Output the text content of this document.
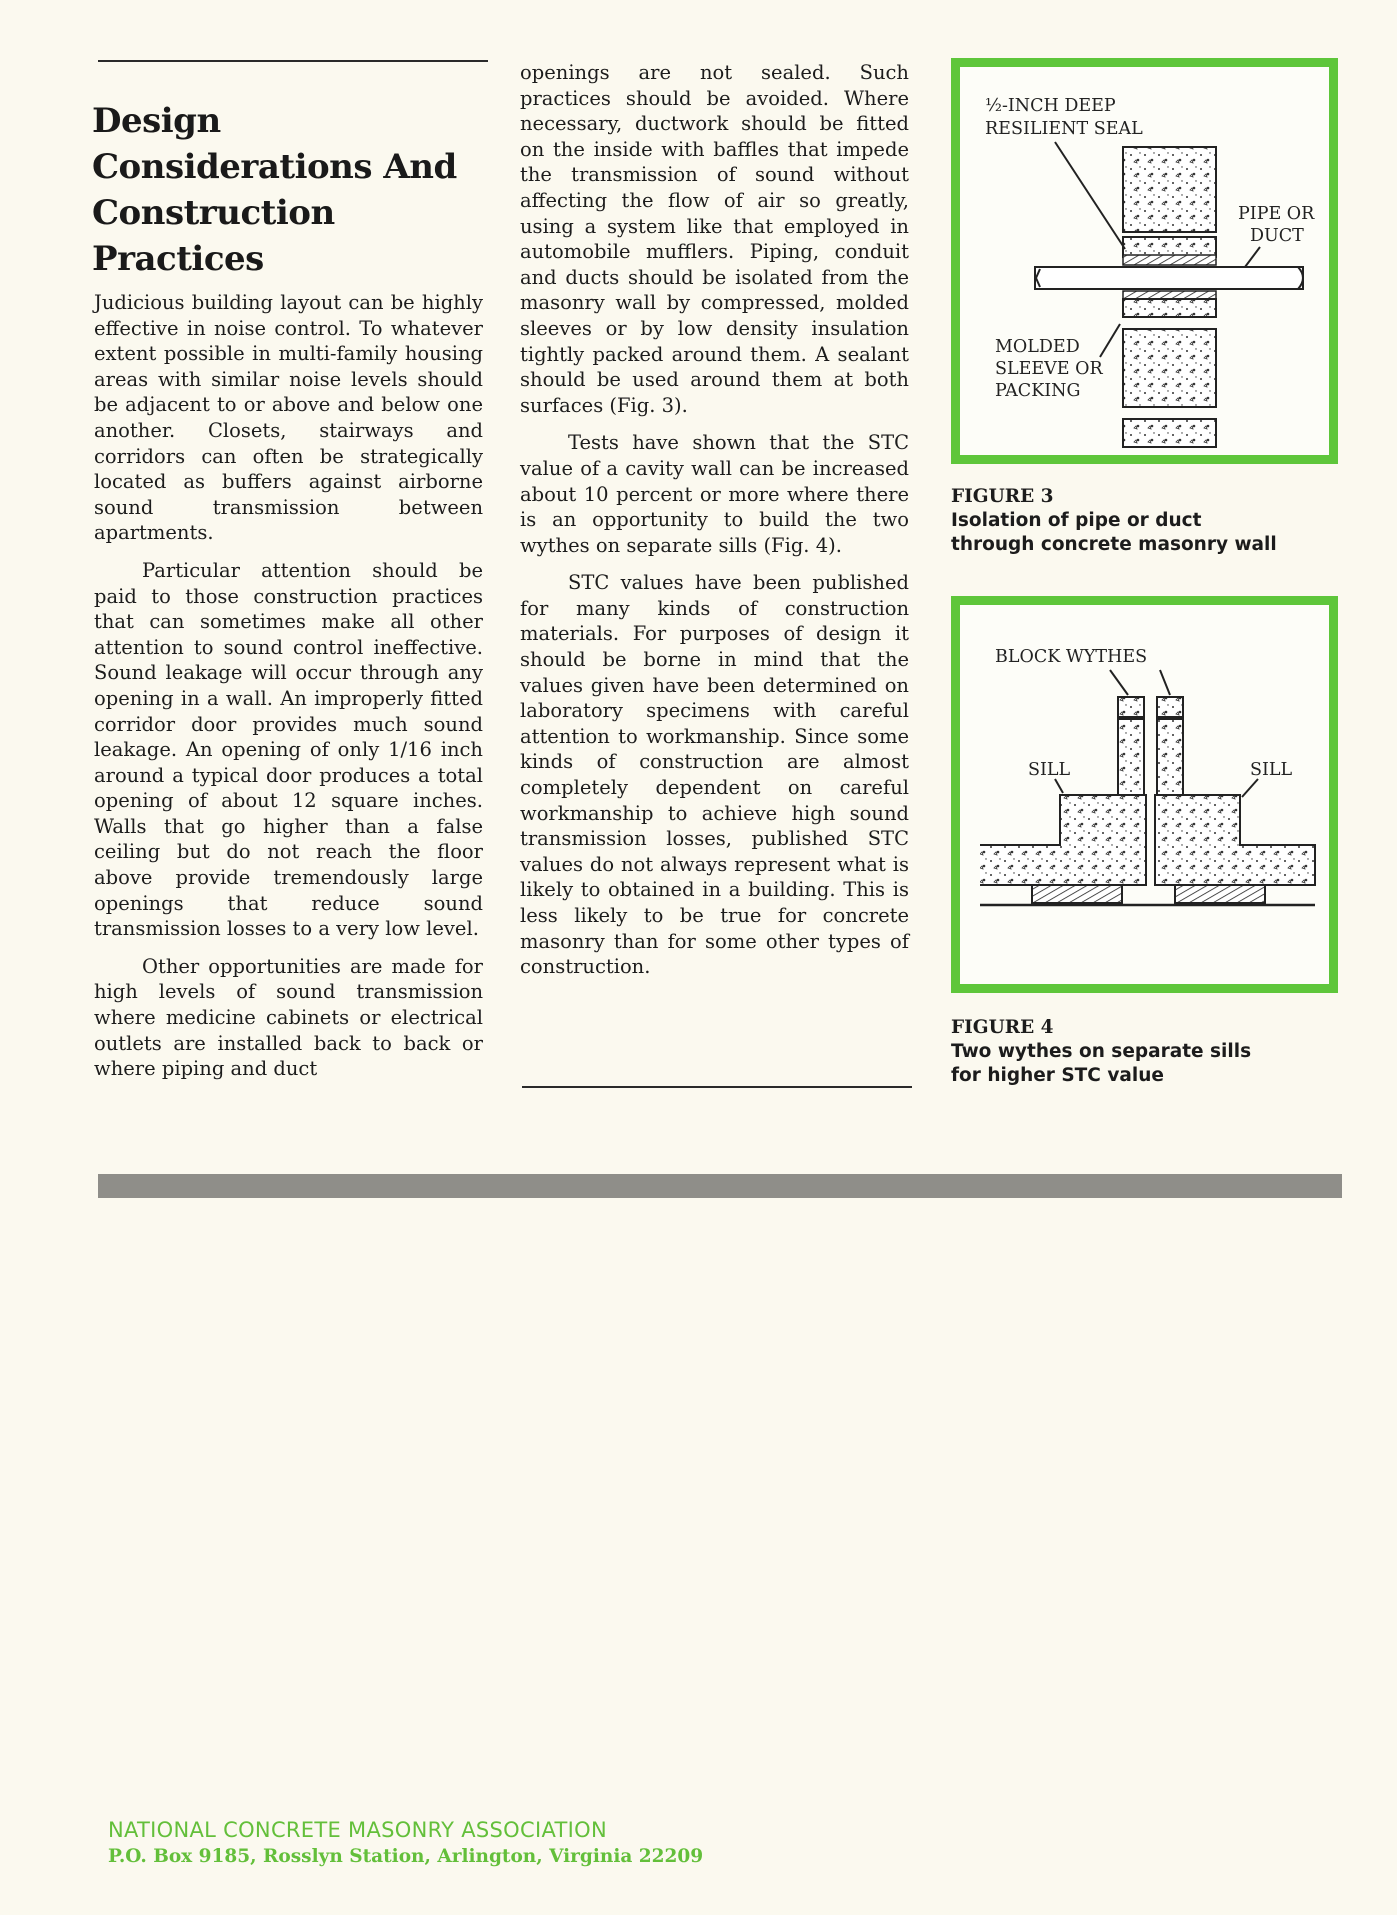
Design Considerations And Construction Practices

Judicious building layout can be highly effective in noise control. To whatever extent possible in multi-family housing areas with similar noise levels should be adjacent to or above and below one another. Closets, stairways and corridors can often be strategically located as buffers against airborne sound transmission between apartments.

Particular attention should be paid to those construction practices that can sometimes make all other attention to sound control ineffective. Sound leakage will occur through any opening in a wall. An improperly fitted corridor door provides much sound leakage. An opening of only 1/16 inch around a typical door produces a total opening of about 12 square inches. Walls that go higher than a false ceiling but do not reach the floor above provide tremendously large openings that reduce sound transmission losses to a very low level.

Other opportunities are made for high levels of sound transmission where medicine cabinets or electrical outlets are installed back to back or where piping and duct

openings are not sealed. Such practices should be avoided. Where necessary, ductwork should be fitted on the inside with baffles that impede the transmission of sound without affecting the flow of air so greatly, using a system like that employed in automobile mufflers. Piping, conduit and ducts should be isolated from the masonry wall by compressed, molded sleeves or by low density insulation tightly packed around them. A sealant should be used around them at both surfaces (Fig. 3).

Tests have shown that the STC value of a cavity wall can be increased about 10 percent or more where there is an opportunity to build the two wythes on separate sills (Fig. 4).

STC values have been published for many kinds of construction materials. For purposes of design it should be borne in mind that the values given have been determined on laboratory specimens with careful attention to workmanship. Since some kinds of construction are almost completely dependent on careful workmanship to achieve high sound transmission losses, published STC values do not always represent what is likely to obtained in a building. This is less likely to be true for concrete masonry than for some other types of construction.

½-INCH DEEP
RESILIENT SEAL
PIPE OR
DUCT
MOLDED
SLEEVE OR
PACKING
FIGURE 3
Isolation of pipe or duct
through concrete masonry wall
BLOCK WYTHES
SILL	SILL
FIGURE 4
Two wythes on separate sills
for higher STC value
NATIONAL CONCRETE MASONRY ASSOCIATION
P.O. Box 9185, Rosslyn Station, Arlington, Virginia 22209
